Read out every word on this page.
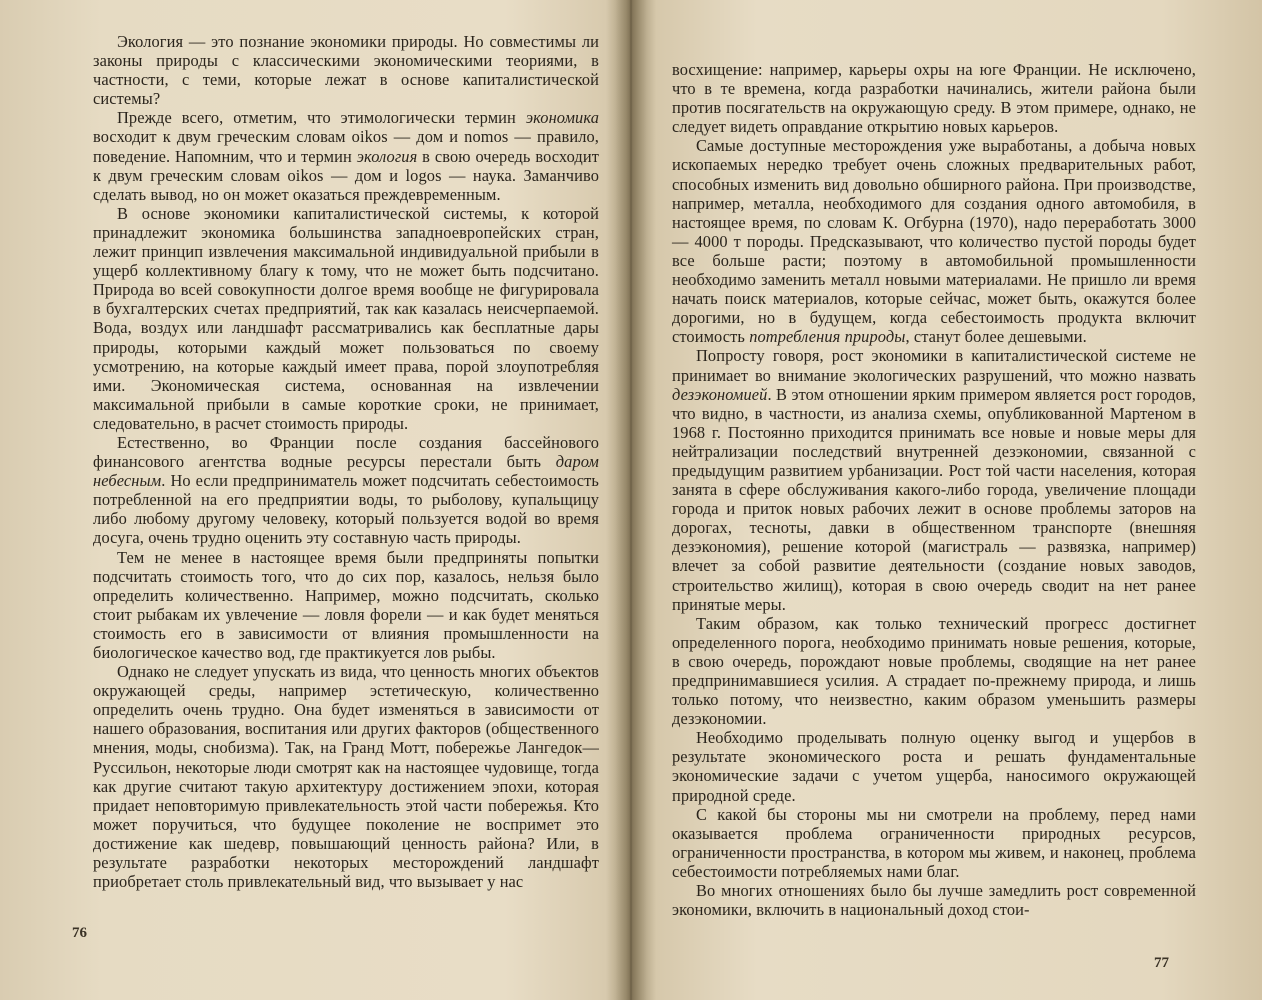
Экология — это познание экономики природы. Но совместимы ли законы природы с классическими экономическими теориями, в частности, с теми, которые лежат в основе капиталистической системы?

Прежде всего, отметим, что этимологически термин экономика восходит к двум греческим словам oikos — дом и nomos — правило, поведение. Напомним, что и термин экология в свою очередь восходит к двум греческим словам oikos — дом и logos — наука. Заманчиво сделать вывод, но он может оказаться преждевременным.

В основе экономики капиталистической системы, к которой принадлежит экономика большинства западноевропейских стран, лежит принцип извлечения максимальной индивидуальной прибыли в ущерб коллективному благу к тому, что не может быть подсчитано. Природа во всей совокупности долгое время вообще не фигурировала в бухгалтерских счетах предприятий, так как казалась неисчерпаемой. Вода, воздух или ландшафт рассматривались как бесплатные дары природы, которыми каждый может пользоваться по своему усмотрению, на которые каждый имеет права, порой злоупотребляя ими. Экономическая система, основанная на извлечении максимальной прибыли в самые короткие сроки, не принимает, следовательно, в расчет стоимость природы.

Естественно, во Франции после создания бассейнового финансового агентства водные ресурсы перестали быть даром небесным. Но если предприниматель может подсчитать себестоимость потребленной на его предприятии воды, то рыболову, купальщицу либо любому другому человеку, который пользуется водой во время досуга, очень трудно оценить эту составную часть природы.

Тем не менее в настоящее время были предприняты попытки подсчитать стоимость того, что до сих пор, казалось, нельзя было определить количественно. Например, можно подсчитать, сколько стоит рыбакам их увлечение — ловля форели — и как будет меняться стоимость его в зависимости от влияния промышленности на биологическое качество вод, где практикуется лов рыбы.

Однако не следует упускать из вида, что ценность многих объектов окружающей среды, например эстетическую, количественно определить очень трудно. Она будет изменяться в зависимости от нашего образования, воспитания или других факторов (общественного мнения, моды, снобизма). Так, на Гранд Мотт, побережье Лангедок—Руссильон, некоторые люди смотрят как на настоящее чудовище, тогда как другие считают такую архитектуру достижением эпохи, которая придает неповторимую привлекательность этой части побережья. Кто может поручиться, что будущее поколение не воспримет это достижение как шедевр, повышающий ценность района? Или, в результате разработки некоторых месторождений ландшафт приобретает столь привлекательный вид, что вызывает у нас

76

восхищение: например, карьеры охры на юге Франции. Не исключено, что в те времена, когда разработки начинались, жители района были против посягательств на окружающую среду. В этом примере, однако, не следует видеть оправдание открытию новых карьеров.

Самые доступные месторождения уже выработаны, а добыча новых ископаемых нередко требует очень сложных предварительных работ, способных изменить вид довольно обширного района. При производстве, например, металла, необходимого для создания одного автомобиля, в настоящее время, по словам К. Огбурна (1970), надо переработать 3000 — 4000 т породы. Предсказывают, что количество пустой породы будет все больше расти; поэтому в автомобильной промышленности необходимо заменить металл новыми материалами. Не пришло ли время начать поиск материалов, которые сейчас, может быть, окажутся более дорогими, но в будущем, когда себестоимость продукта включит стоимость потребления природы, станут более дешевыми.

Попросту говоря, рост экономики в капиталистической системе не принимает во внимание экологических разрушений, что можно назвать дезэкономией. В этом отношении ярким примером является рост городов, что видно, в частности, из анализа схемы, опубликованной Мартеном в 1968 г. Постоянно приходится принимать все новые и новые меры для нейтрализации последствий внутренней дезэкономии, связанной с предыдущим развитием урбанизации. Рост той части населения, которая занята в сфере обслуживания какого-либо города, увеличение площади города и приток новых рабочих лежит в основе проблемы заторов на дорогах, тесноты, давки в общественном транспорте (внешняя дезэкономия), решение которой (магистраль — развязка, например) влечет за собой развитие деятельности (создание новых заводов, строительство жилищ), которая в свою очередь сводит на нет ранее принятые меры.

Таким образом, как только технический прогресс достигнет определенного порога, необходимо принимать новые решения, которые, в свою очередь, порождают новые проблемы, сводящие на нет ранее предпринимавшиеся усилия. А страдает по-прежнему природа, и лишь только потому, что неизвестно, каким образом уменьшить размеры дезэкономии.

Необходимо проделывать полную оценку выгод и ущербов в результате экономического роста и решать фундаментальные экономические задачи с учетом ущерба, наносимого окружающей природной среде.

С какой бы стороны мы ни смотрели на проблему, перед нами оказывается проблема ограниченности природных ресурсов, ограниченности пространства, в котором мы живем, и наконец, проблема себестоимости потребляемых нами благ.

Во многих отношениях было бы лучше замедлить рост современной экономики, включить в национальный доход стои-

77
